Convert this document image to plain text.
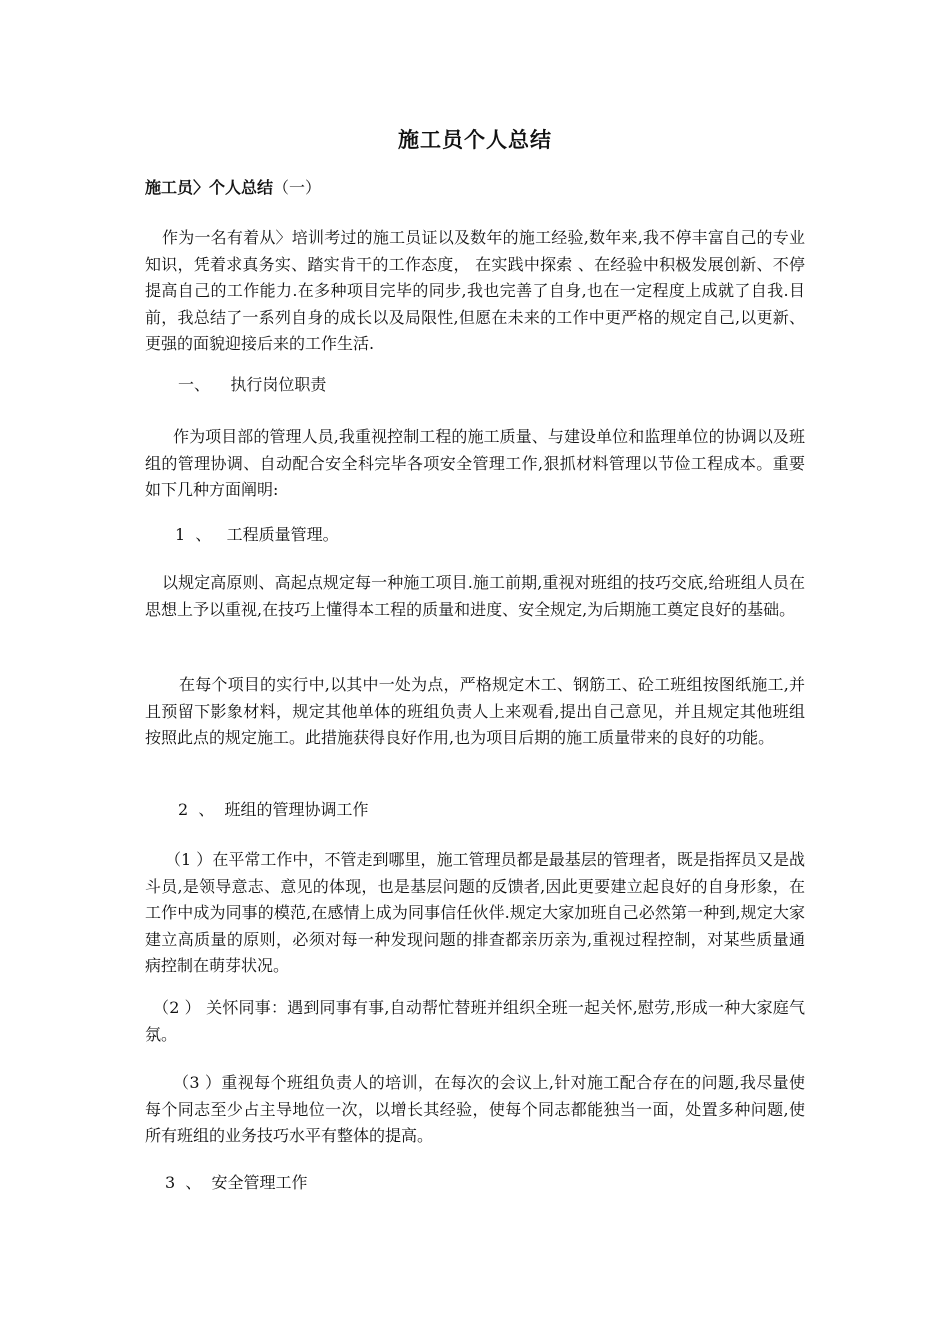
施工员个人总结
施工员〉个人总结（一）
作为一名有着从〉培训考过的施工员证以及数年的施工经验,数年来,我不停丰富自己的专业知识，凭着求真务实、踏实肯干的工作态度， 在实践中探索 、在经验中积极发展创新、不停提高自己的工作能力.在多种项目完毕的同步,我也完善了自身,也在一定程度上成就了自我.目前，我总结了一系列自身的成长以及局限性,但愿在未来的工作中更严格的规定自己,以更新、更强的面貌迎接后来的工作生活.
一、    执行岗位职责
作为项目部的管理人员,我重视控制工程的施工质量、与建设单位和监理单位的协调以及班组的管理协调、自动配合安全科完毕各项安全管理工作,狠抓材料管理以节俭工程成本。重要如下几种方面阐明:
1  、   工程质量管理。
以规定高原则、高起点规定每一种施工项目.施工前期,重视对班组的技巧交底,给班组人员在思想上予以重视,在技巧上懂得本工程的质量和进度、安全规定,为后期施工奠定良好的基础。
在每个项目的实行中,以其中一处为点，严格规定木工、钢筋工、砼工班组按图纸施工,并且预留下影象材料，规定其他单体的班组负责人上来观看,提出自己意见，并且规定其他班组按照此点的规定施工。此措施获得良好作用,也为项目后期的施工质量带来的良好的功能。
2  、  班组的管理协调工作
（1 ）在平常工作中，不管走到哪里，施工管理员都是最基层的管理者，既是指挥员又是战斗员,是领导意志、意见的体现，也是基层问题的反馈者,因此更要建立起良好的自身形象，在工作中成为同事的模范,在感情上成为同事信任伙伴.规定大家加班自己必然第一种到,规定大家建立高质量的原则，必须对每一种发现问题的排查都亲历亲为,重视过程控制，对某些质量通病控制在萌芽状况。
（2 ） 关怀同事：遇到同事有事,自动帮忙替班并组织全班一起关怀,慰劳,形成一种大家庭气氛。
（3 ）重视每个班组负责人的培训，在每次的会议上,针对施工配合存在的问题,我尽量使每个同志至少占主导地位一次，以增长其经验，使每个同志都能独当一面，处置多种问题,使所有班组的业务技巧水平有整体的提高。
3  、  安全管理工作
